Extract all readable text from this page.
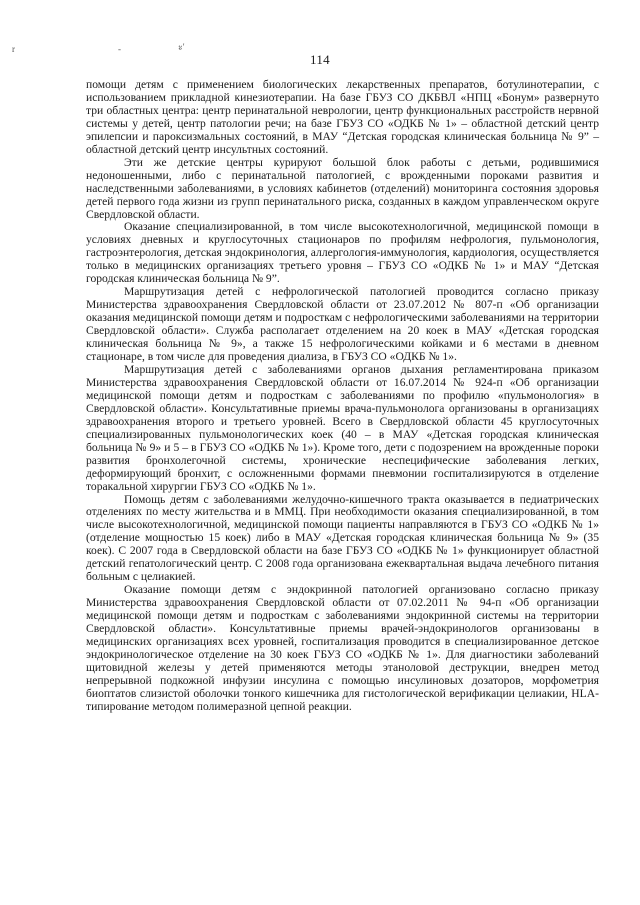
r	-	ะ'
114

помощи детям с применением биологических лекарственных препаратов, ботулинотерапии, с использованием прикладной кинезиотерапии. На базе ГБУЗ СО ДКБВЛ «НПЦ «Бонум» развернуто три областных центра: центр перинатальной неврологии, центр функциональных расстройств нервной системы у детей, центр патологии речи; на базе ГБУЗ СО «ОДКБ № 1» – областной детский центр эпилепсии и пароксизмальных состояний, в МАУ “Детская городская клиническая больница № 9” – областной детский центр инсультных состояний.

Эти же детские центры курируют большой блок работы с детьми, родившимися недоношенными, либо с перинатальной патологией, с врожденными пороками развития и наследственными заболеваниями, в условиях кабинетов (отделений) мониторинга состояния здоровья детей первого года жизни из групп перинатального риска, созданных в каждом управленческом округе Свердловской области.

Оказание специализированной, в том числе высокотехнологичной, медицинской помощи в условиях дневных и круглосуточных стационаров по профилям нефрология, пульмонология, гастроэнтерология, детская эндокринология, аллергология-иммунология, кардиология, осуществляется только в медицинских организациях третьего уровня – ГБУЗ СО «ОДКБ № 1» и МАУ “Детская городская клиническая больница № 9”.

Маршрутизация детей с нефрологической патологией проводится согласно приказу Министерства здравоохранения Свердловской области от 23.07.2012 № 807-п «Об организации оказания медицинской помощи детям и подросткам с нефрологическими заболеваниями на территории Свердловской области». Служба располагает отделением на 20 коек в МАУ «Детская городская клиническая больница № 9», а также 15 нефрологическими койками и 6 местами в дневном стационаре, в том числе для проведения диализа, в ГБУЗ СО «ОДКБ № 1».

Маршрутизация детей с заболеваниями органов дыхания регламентирована приказом Министерства здравоохранения Свердловской области от 16.07.2014 № 924-п «Об организации медицинской помощи детям и подросткам с заболеваниями по профилю «пульмонология» в Свердловской области». Консультативные приемы врача-пульмонолога организованы в организациях здравоохранения второго и третьего уровней. Всего в Свердловской области 45 круглосуточных специализированных пульмонологических коек (40 – в МАУ «Детская городская клиническая больница № 9» и 5 – в ГБУЗ СО «ОДКБ № 1»). Кроме того, дети с подозрением на врожденные пороки развития бронхолегочной системы, хронические неспецифические заболевания легких, деформирующий бронхит, с осложненными формами пневмонии госпитализируются в отделение торакальной хирургии ГБУЗ СО «ОДКБ № 1».

Помощь детям с заболеваниями желудочно-кишечного тракта оказывается в педиатрических отделениях по месту жительства и в ММЦ. При необходимости оказания специализированной, в том числе высокотехнологичной, медицинской помощи пациенты направляются в ГБУЗ СО «ОДКБ № 1» (отделение мощностью 15 коек) либо в МАУ «Детская городская клиническая больница № 9» (35 коек). С 2007 года в Свердловской области на базе ГБУЗ СО «ОДКБ № 1» функционирует областной детский гепатологический центр. С 2008 года организована ежеквартальная выдача лечебного питания больным с целиакией.

Оказание помощи детям с эндокринной патологией организовано согласно приказу Министерства здравоохранения Свердловской области от 07.02.2011 № 94-п «Об организации медицинской помощи детям и подросткам с заболеваниями эндокринной системы на территории Свердловской области». Консультативные приемы врачей-эндокринологов организованы в медицинских организациях всех уровней, госпитализация проводится в специализированное детское эндокринологическое отделение на 30 коек ГБУЗ СО «ОДКБ № 1». Для диагностики заболеваний щитовидной железы у детей применяются методы этаноловой деструкции, внедрен метод непрерывной подкожной инфузии инсулина с помощью инсулиновых дозаторов, морфометрия биоптатов слизистой оболочки тонкого кишечника для гистологической верификации целиакии, HLA-типирование методом полимеразной цепной реакции.
